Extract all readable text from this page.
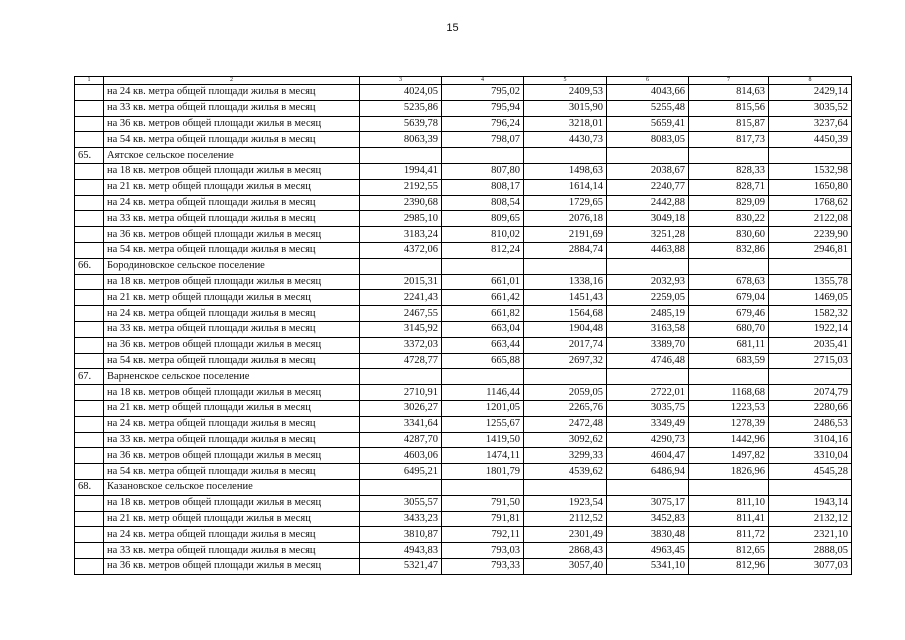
15
1	2	3	4	5	6	7	8
	на 24 кв. метра общей площади жилья в месяц	4024,05	795,02	2409,53	4043,66	814,63	2429,14
	на 33 кв. метра общей площади жилья в месяц	5235,86	795,94	3015,90	5255,48	815,56	3035,52
	на 36 кв. метров общей площади жилья в месяц	5639,78	796,24	3218,01	5659,41	815,87	3237,64
	на 54 кв. метра общей площади жилья в месяц	8063,39	798,07	4430,73	8083,05	817,73	4450,39
65.	Аятское сельское поселение						
	на 18 кв. метров общей площади жилья в месяц	1994,41	807,80	1498,63	2038,67	828,33	1532,98
	на 21 кв. метр общей площади жилья в месяц	2192,55	808,17	1614,14	2240,77	828,71	1650,80
	на 24 кв. метра общей площади жилья в месяц	2390,68	808,54	1729,65	2442,88	829,09	1768,62
	на 33 кв. метра общей площади жилья в месяц	2985,10	809,65	2076,18	3049,18	830,22	2122,08
	на 36 кв. метров общей площади жилья в месяц	3183,24	810,02	2191,69	3251,28	830,60	2239,90
	на 54 кв. метра общей площади жилья в месяц	4372,06	812,24	2884,74	4463,88	832,86	2946,81
66.	Бородиновское сельское поселение						
	на 18 кв. метров общей площади жилья в месяц	2015,31	661,01	1338,16	2032,93	678,63	1355,78
	на 21 кв. метр общей площади жилья в месяц	2241,43	661,42	1451,43	2259,05	679,04	1469,05
	на 24 кв. метра общей площади жилья в месяц	2467,55	661,82	1564,68	2485,19	679,46	1582,32
	на 33 кв. метра общей площади жилья в месяц	3145,92	663,04	1904,48	3163,58	680,70	1922,14
	на 36 кв. метров общей площади жилья в месяц	3372,03	663,44	2017,74	3389,70	681,11	2035,41
	на 54 кв. метра общей площади жилья в месяц	4728,77	665,88	2697,32	4746,48	683,59	2715,03
67.	Варненское сельское поселение						
	на 18 кв. метров общей площади жилья в месяц	2710,91	1146,44	2059,05	2722,01	1168,68	2074,79
	на 21 кв. метр общей площади жилья в месяц	3026,27	1201,05	2265,76	3035,75	1223,53	2280,66
	на 24 кв. метра общей площади жилья в месяц	3341,64	1255,67	2472,48	3349,49	1278,39	2486,53
	на 33 кв. метра общей площади жилья в месяц	4287,70	1419,50	3092,62	4290,73	1442,96	3104,16
	на 36 кв. метров общей площади жилья в месяц	4603,06	1474,11	3299,33	4604,47	1497,82	3310,04
	на 54 кв. метра общей площади жилья в месяц	6495,21	1801,79	4539,62	6486,94	1826,96	4545,28
68.	Казановское сельское поселение						
	на 18 кв. метров общей площади жилья в месяц	3055,57	791,50	1923,54	3075,17	811,10	1943,14
	на 21 кв. метр общей площади жилья в месяц	3433,23	791,81	2112,52	3452,83	811,41	2132,12
	на 24 кв. метра общей площади жилья в месяц	3810,87	792,11	2301,49	3830,48	811,72	2321,10
	на 33 кв. метра общей площади жилья в месяц	4943,83	793,03	2868,43	4963,45	812,65	2888,05
	на 36 кв. метров общей площади жилья в месяц	5321,47	793,33	3057,40	5341,10	812,96	3077,03
